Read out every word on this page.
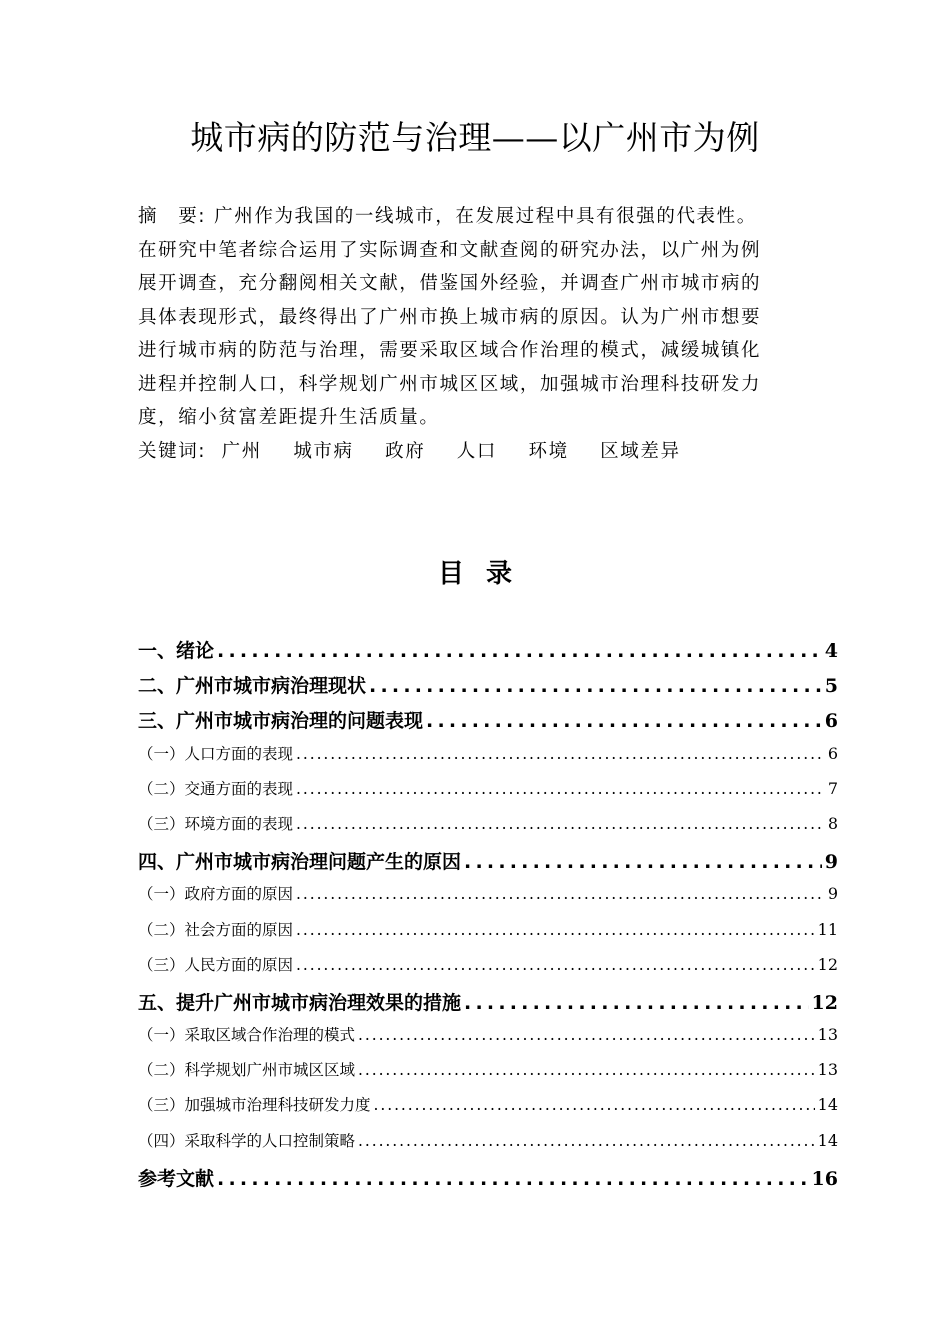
城市病的防范与治理——以广州市为例
摘　要: 广州作为我国的一线城市，在发展过程中具有很强的代表性。
在研究中笔者综合运用了实际调查和文献查阅的研究办法，以广州为例
展开调查，充分翻阅相关文献，借鉴国外经验，并调查广州市城市病的
具体表现形式，最终得出了广州市换上城市病的原因。认为广州市想要
进行城市病的防范与治理，需要采取区域合作治理的模式，减缓城镇化
进程并控制人口，科学规划广州市城区区域，加强城市治理科技研发力
度，缩小贫富差距提升生活质量。
关键词: 广州 城市病 政府 人口 环境 区域差异
目 录
一、绪论 . . .	4
二、广州市城市病治理现状 . . .	5
三、广州市城市病治理的问题表现 . . .	6
（一）人口方面的表现 . . .	6
（二）交通方面的表现 . . .	7
（三）环境方面的表现 . . .	8
四、广州市城市病治理问题产生的原因 . . .	9
（一）政府方面的原因 . . .	9
（二）社会方面的原因 . . .	11
（三）人民方面的原因 . . .	12
五、提升广州市城市病治理效果的措施 . . .	12
（一）采取区域合作治理的模式 . . .	13
（二）科学规划广州市城区区域 . . .	13
（三）加强城市治理科技研发力度 . . .	14
（四）采取科学的人口控制策略 . . .	14
参考文献 . . .	16
